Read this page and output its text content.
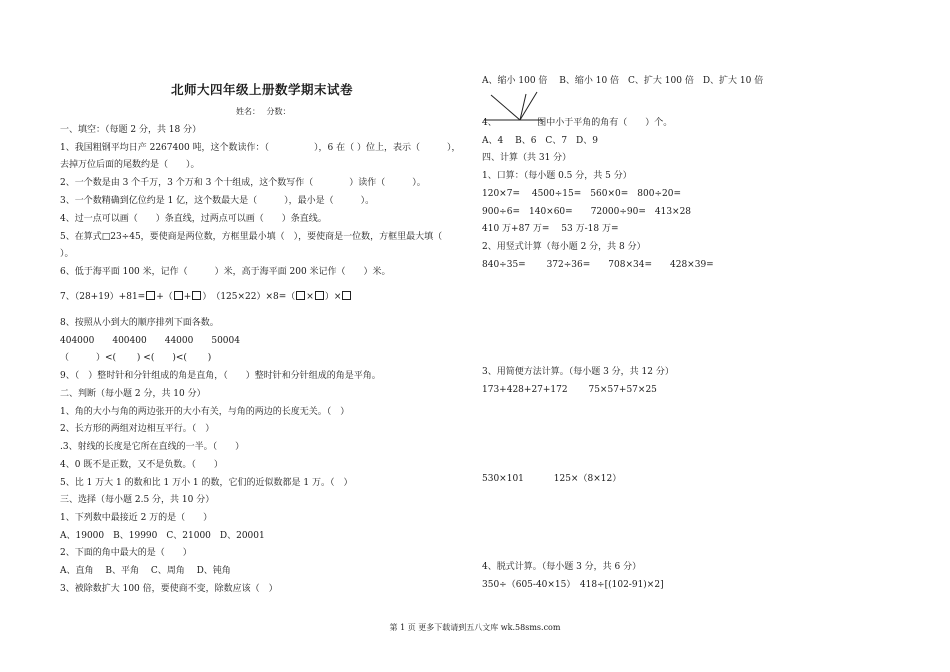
北师大四年级上册数学期末试卷
姓名：　 分数：
一、填空：（每题 2 分，共 18 分）
1、我国粗钢平均日产 2267400 吨，这个数读作：（　　　　　），6 在（ ）位上，表示（　　　），
去掉万位后面的尾数约是（　　）。
2、一个数是由 3 个千万，3 个万和 3 个十组成，这个数写作（　　　　）读作（　　　）。
3、一个数精确到亿位约是 1 亿，这个数最大是（　　　），最小是（　　　）。
4、过一点可以画（　　）条直线，过两点可以画（　　）条直线。
5、在算式□23÷45，要使商是两位数，方框里最小填（　），要使商是一位数，方框里最大填（
）。
6、低于海平面 100 米，记作（　　　）米，高于海平面 200 米记作（　　）米。
7、（28+19）+81= +（ + ）　（125×22）×8=（ × ）×
8、按照从小到大的顺序排列下面各数。
404000　　400400　　44000　　50004
（　　　）<(　　 ) <(　　)<(　　 )
9、（　）整时针和分针组成的角是直角，（　　）整时针和分针组成的角是平角。
二、判断（每小题 2 分，共 10 分）
1、角的大小与角的两边张开的大小有关，与角的两边的长度无关。（　）
2、长方形的两组对边相互平行。（　）
.3、射线的长度是它所在直线的一半。（　　）
4、0 既不是正数，又不是负数。（　　）
5、比 1 万大 1 的数和比 1 万小 1 的数，它们的近似数都是 1 万。（　）
三、选择（每小题 2.5 分，共 10 分）
1、下列数中最接近 2 万的是（　　）
A、19000　B、19990　C、21000　D、20001
2、下面的角中最大的是（　　）
A、直角　 B、平角　 C、周角　 D、钝角
3、被除数扩大 100 倍，要使商不变，除数应该（　）
A、缩小 100 倍　 B、缩小 10 倍　C、扩大 100 倍　D、扩大 10 倍
4、　　　　　图中小于平角的角有（　　）个。
A、4　 B、6　C、7　D、9
四、计算（共 31 分）
1、口算：（每小题 0.5 分，共 5 分）
120×7=　 4500÷15=　560×0=　800÷20=
900÷6=　140×60=　　72000÷90=　413×28
410 万+87 万=　 53 万-18 万=
2、用竖式计算（每小题 2 分，共 8 分）
840÷35=　　 372÷36=　　708×34=　　428×39=
3、用简便方法计算。（每小题 3 分，共 12 分）
173+428+27+172　　 75×57+57×25
530×101　　　 125×（8×12）
4、脱式计算。（每小题 3 分，共 6 分）
350÷（605-40×15）　418÷[(102-91)×2]
第 1 页 更多下载请到五八文库 wk.58sms.com
